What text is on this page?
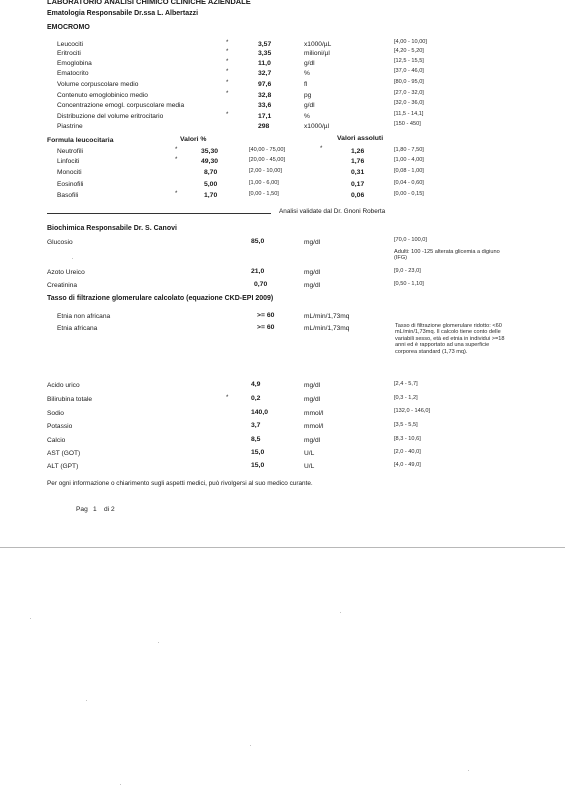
LABORATORIO ANALISI CHIMICO CLINICHE AZIENDALE
Ematologia Responsabile Dr.ssa L. Albertazzi
EMOCROMO
Leucociti	*	3,57	x1000/µL	[4,00 - 10,00]
Eritrociti	*	3,35	milioni/µl	[4,20 - 5,20]
Emoglobina	*	11,0	g/dl	[12,5 - 15,5]
Ematocrito	*	32,7	%	[37,0 - 46,0]
Volume corpuscolare medio	*	97,6	fl	[80,0 - 95,0]
Contenuto emoglobinico medio	*	32,8	pg	[27,0 - 32,0]
Concentrazione emogl. corpuscolare media	33,6	g/dl	[32,0 - 36,0]
Distribuzione del volume eritrocitario	*	17,1	%	[11,5 - 14,1]
Piastrine	298	x1000/µl	[150 - 450]
Formula leucocitaria	Valori %	Valori assoluti
Neutrofili	*	35,30	[40,00 - 75,00]	*	1,26	[1,80 - 7,50]
Linfociti	*	49,30	[20,00 - 45,00]	1,76	[1,00 - 4,00]
Monociti	8,70	[2,00 - 10,00]	0,31	[0,08 - 1,00]
Eosinofili	5,00	[1,00 - 6,00]	0,17	[0,04 - 0,60]
Basofili	*	1,70	[0,00 - 1,50]	0,06	[0,00 - 0,15]
Analisi validate dal Dr. Gnoni Roberta
Biochimica Responsabile Dr. S. Canovi
Glucosio	85,0	mg/dl	[70,0 - 100,0]
Adulti: 100 -125 alterata glicemia a digiuno (IFG)
Azoto Ureico	21,0	mg/dl	[9,0 - 23,0]
Creatinina	0,70	mg/dl	[0,50 - 1,10]
Tasso di filtrazione glomerulare calcolato (equazione CKD-EPI 2009)
Etnia non africana	>= 60	mL/min/1,73mq
Etnia africana	>= 60	mL/min/1,73mq	Tasso di filtrazione glomerulare ridotto: <60 mL/min/1,73mq. Il calcolo tiene conto delle variabili sesso, età ed etnia in individui >=18 anni ed è rapportato ad una superficie corporea standard (1,73 mq).
Acido urico	4,9	mg/dl	[2,4 - 5,7]
Bilirubina totale	*	0,2	mg/dl	[0,3 - 1,2]
Sodio	140,0	mmol/l	[132,0 - 146,0]
Potassio	3,7	mmol/l	[3,5 - 5,5]
Calcio	8,5	mg/dl	[8,3 - 10,6]
AST (GOT)	15,0	U/L	[2,0 - 40,0]
ALT (GPT)	15,0	U/L	[4,0 - 49,0]
Per ogni informazione o chiarimento sugli aspetti medici, può rivolgersi al suo medico curante.
Pag 1 di 2
